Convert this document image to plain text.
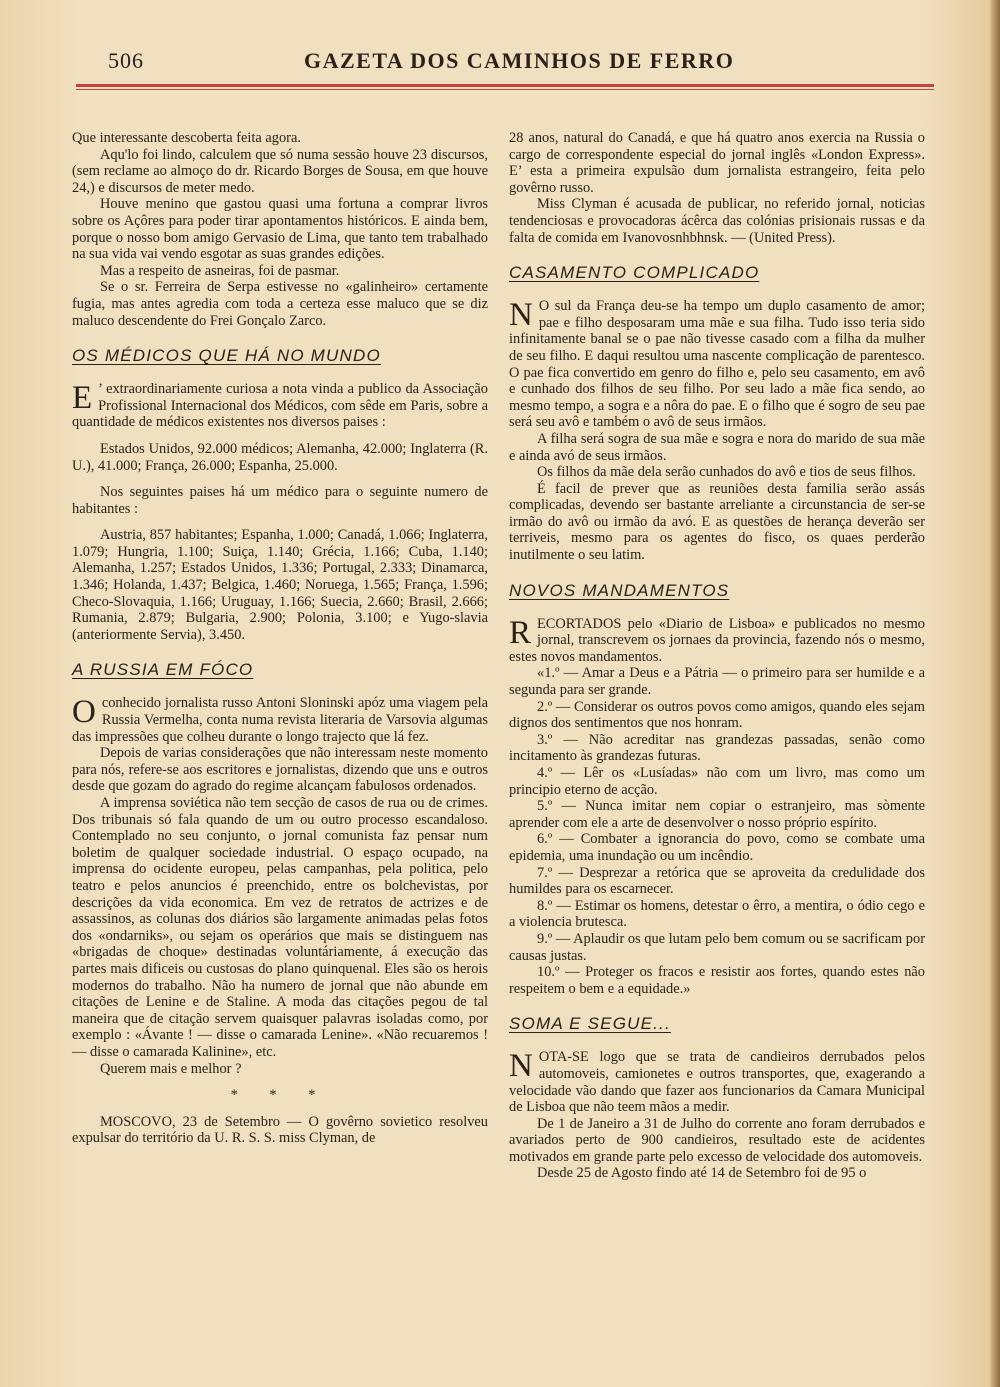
506	GAZETA DOS CAMINHOS DE FERRO

Que interessante descoberta feita agora.

Aqu'lo foi lindo, calculem que só numa sessão houve 23 discursos, (sem reclame ao almoço do dr. Ricardo Borges de Sousa, em que houve 24,) e discursos de meter medo.

Houve menino que gastou quasi uma fortuna a comprar livros sobre os Açôres para poder tirar apontamentos históricos. E ainda bem, porque o nosso bom amigo Gervasio de Lima, que tanto tem trabalhado na sua vida vai vendo esgotar as suas grandes edições.

Mas a respeito de asneiras, foi de pasmar.

Se o sr. Ferreira de Serpa estivesse no «galinheiro» certamente fugia, mas antes agredia com toda a certeza esse maluco que se diz maluco descendente do Frei Gonçalo Zarco.

OS MÉDICOS QUE HÁ NO MUNDO

E ’ extraordinariamente curiosa a nota vinda a publico da Associação Profissional Internacional dos Médicos, com sêde em Paris, sobre a quantidade de médicos existentes nos diversos paises :

Estados Unidos, 92.000 médicos; Alemanha, 42.000; Inglaterra (R. U.), 41.000; França, 26.000; Espanha, 25.000.

Nos seguintes paises há um médico para o seguinte numero de habitantes :

Austria, 857 habitantes; Espanha, 1.000; Canadá, 1.066; Inglaterra, 1.079; Hungria, 1.100; Suiça, 1.140; Grécia, 1.166; Cuba, 1.140; Alemanha, 1.257; Estados Unidos, 1.336; Portugal, 2.333; Dinamarca, 1.346; Holanda, 1.437; Belgica, 1.460; Noruega, 1.565; França, 1.596; Checo-Slovaquia, 1.166; Uruguay, 1.166; Suecia, 2.660; Brasil, 2.666; Rumania, 2.879; Bulgaria, 2.900; Polonia, 3.100; e Yugo-slavia (anteriormente Servia), 3.450.

A RUSSIA EM FÓCO

Oconhecido jornalista russo Antoni Sloninski apóz uma viagem pela Russia Vermelha, conta numa revista literaria de Varsovia algumas das impressões que colheu durante o longo trajecto que lá fez.

Depois de varias considerações que não interessam neste momento para nós, refere-se aos escritores e jornalistas, dizendo que uns e outros desde que gozam do agrado do regime alcançam fabulosos ordenados.

A imprensa soviética não tem secção de casos de rua ou de crimes. Dos tribunais só fala quando de um ou outro processo escandaloso. Contemplado no seu conjunto, o jornal comunista faz pensar num boletim de qualquer sociedade industrial. O espaço ocupado, na imprensa do ocidente europeu, pelas campanhas, pela politica, pelo teatro e pelos anuncios é preenchido, entre os bolchevistas, por descrições da vida economica. Em vez de retratos de actrizes e de assassinos, as colunas dos diários são largamente animadas pelas fotos dos «ondarniks», ou sejam os operários que mais se distinguem nas «brigadas de choque» destinadas voluntáriamente, á execução das partes mais dificeis ou custosas do plano quinquenal. Eles são os herois modernos do trabalho. Não ha numero de jornal que não abunde em citações de Lenine e de Staline. A moda das citações pegou de tal maneira que de citação servem quaisquer palavras isoladas como, por exemplo : «Ávante ! — disse o camarada Lenine». «Não recuaremos ! — disse o camarada Kalinine», etc.

Querem mais e melhor ?

* * *

MOSCOVO, 23 de Setembro — O govêrno sovietico resolveu expulsar do território da U. R. S. S. miss Clyman, de

28 anos, natural do Canadá, e que há quatro anos exercia na Russia o cargo de correspondente especial do jornal inglês «London Express». E’ esta a primeira expulsão dum jornalista estrangeiro, feita pelo govêrno russo.

Miss Clyman é acusada de publicar, no referido jornal, noticias tendenciosas e provocadoras ácêrca das colónias prisionais russas e da falta de comida em Ivanovosnhbhnsk. — (United Press).

CASAMENTO COMPLICADO

N O sul da França deu-se ha tempo um duplo casamento de amor; pae e filho desposaram uma mãe e sua filha. Tudo isso teria sido infinitamente banal se o pae não tivesse casado com a filha da mulher de seu filho. E daqui resultou uma nascente complicação de parentesco. O pae fica convertido em genro do filho e, pelo seu casamento, em avô e cunhado dos filhos de seu filho. Por seu lado a mãe fica sendo, ao mesmo tempo, a sogra e a nôra do pae. E o filho que é sogro de seu pae será seu avô e também o avô de seus irmãos.

A filha será sogra de sua mãe e sogra e nora do marido de sua mãe e ainda avó de seus irmãos.

Os filhos da mãe dela serão cunhados do avô e tios de seus filhos.

É facil de prever que as reuniões desta familia serão assás complicadas, devendo ser bastante arreliante a circunstancia de ser-se irmão do avô ou irmão da avó. E as questões de herança deverão ser terriveis, mesmo para os agentes do fisco, os quaes perderão inutilmente o seu latim.

NOVOS MANDAMENTOS

RECORTADOS pelo «Diario de Lisboa» e publicados no mesmo jornal, transcrevem os jornaes da provincia, fazendo nós o mesmo, estes novos mandamentos.

«1.º — Amar a Deus e a Pátria — o primeiro para ser humilde e a segunda para ser grande.

2.º — Considerar os outros povos como amigos, quando eles sejam dignos dos sentimentos que nos honram.

3.º — Não acreditar nas grandezas passadas, senão como incitamento às grandezas futuras.

4.º — Lêr os «Lusíadas» não com um livro, mas como um principio eterno de acção.

5.º — Nunca imitar nem copiar o estranjeiro, mas sòmente aprender com ele a arte de desenvolver o nosso próprio espírito.

6.º — Combater a ignorancia do povo, como se combate uma epidemia, uma inundação ou um incêndio.

7.º — Desprezar a retórica que se aproveita da credulidade dos humildes para os escarnecer.

8.º — Estimar os homens, detestar o êrro, a mentira, o ódio cego e a violencia brutesca.

9.º — Aplaudir os que lutam pelo bem comum ou se sacrificam por causas justas.

10.º — Proteger os fracos e resistir aos fortes, quando estes não respeitem o bem e a equidade.»

SOMA E SEGUE...

NOTA-SE logo que se trata de candieiros derrubados pelos automoveis, camionetes e outros transportes, que, exagerando a velocidade vão dando que fazer aos funcionarios da Camara Municipal de Lisboa que não teem mãos a medir.

De 1 de Janeiro a 31 de Julho do corrente ano foram derrubados e avariados perto de 900 candieiros, resultado este de acidentes motivados em grande parte pelo excesso de velocidade dos automoveis.

Desde 25 de Agosto findo até 14 de Setembro foi de 95 o
